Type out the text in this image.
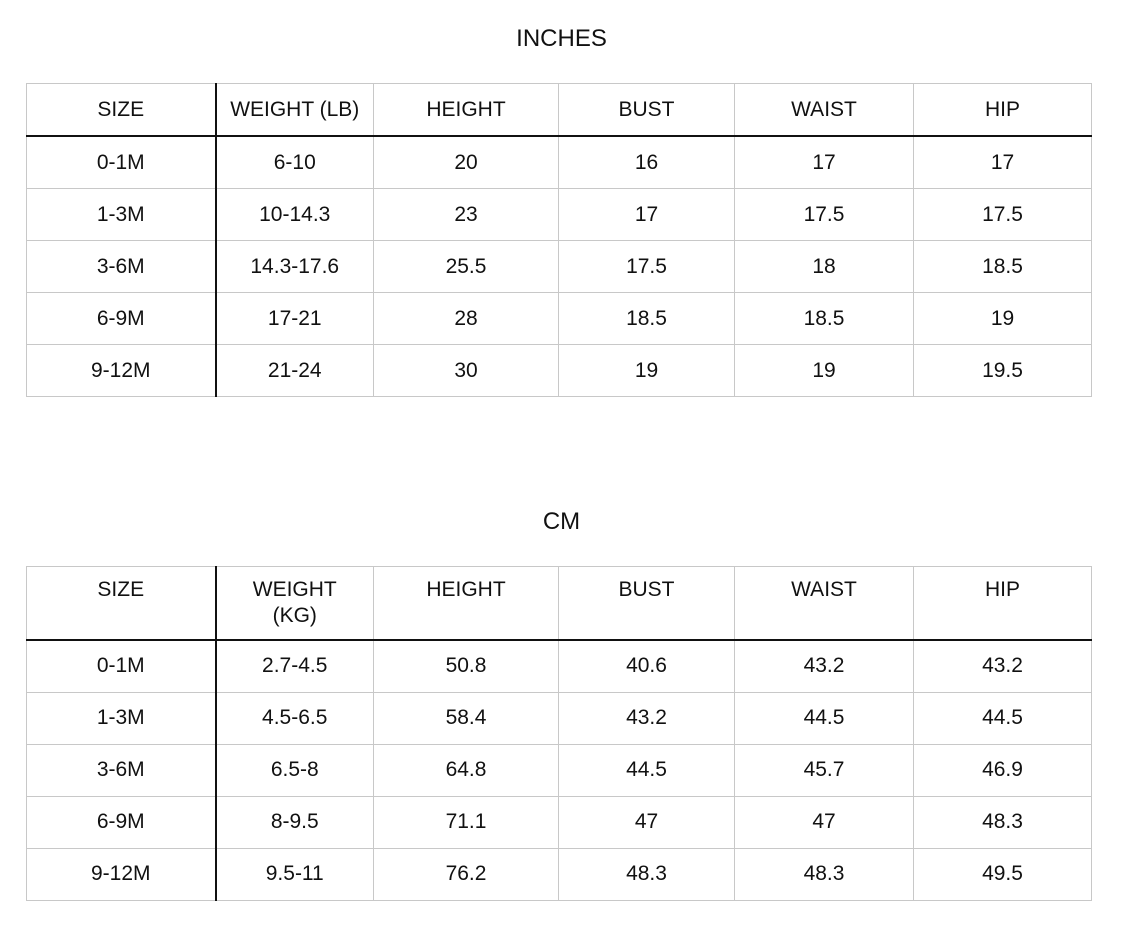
INCHES
SIZE	WEIGHT (LB)	HEIGHT	BUST	WAIST	HIP
0-1M	6-10	20	16	17	17
1-3M	10-14.3	23	17	17.5	17.5
3-6M	14.3-17.6	25.5	17.5	18	18.5
6-9M	17-21	28	18.5	18.5	19
9-12M	21-24	30	19	19	19.5
CM
SIZE	WEIGHT (KG)	HEIGHT	BUST	WAIST	HIP
0-1M	2.7-4.5	50.8	40.6	43.2	43.2
1-3M	4.5-6.5	58.4	43.2	44.5	44.5
3-6M	6.5-8	64.8	44.5	45.7	46.9
6-9M	8-9.5	71.1	47	47	48.3
9-12M	9.5-11	76.2	48.3	48.3	49.5
